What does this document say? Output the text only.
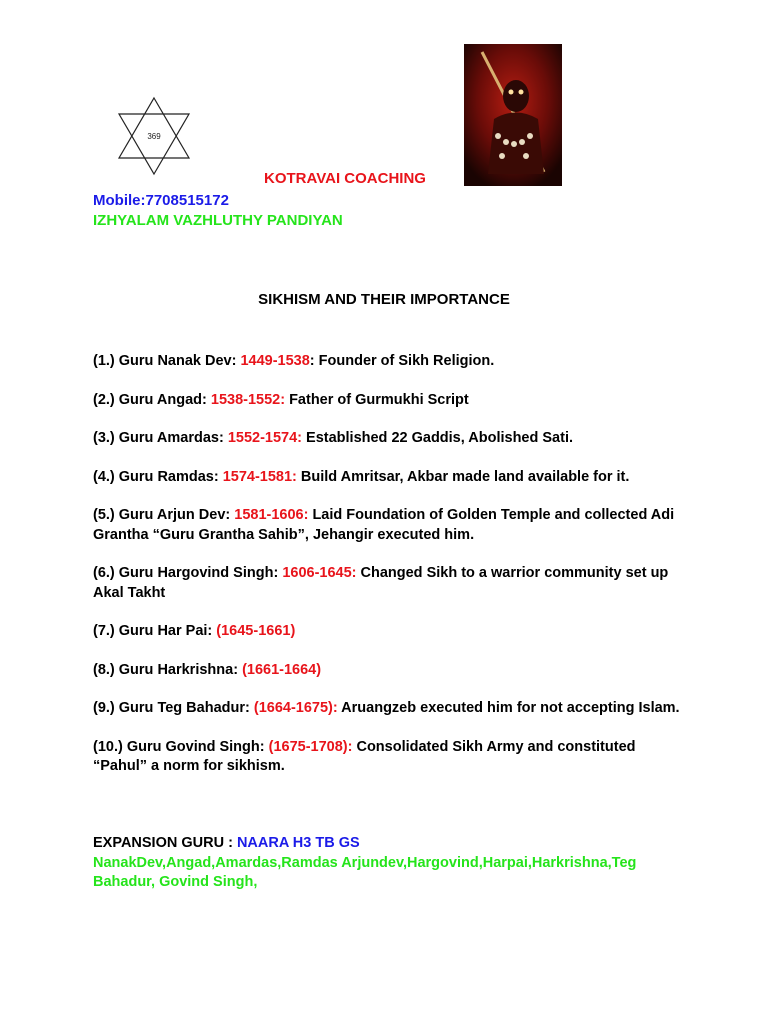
369
KOTRAVAI COACHING
Mobile:7708515172
IZHYALAM VAZHLUTHY PANDIYAN
SIKHISM AND THEIR IMPORTANCE
(1.) Guru Nanak Dev: 1449-1538: Founder of Sikh Religion.
(2.) Guru Angad: 1538-1552: Father of Gurmukhi Script
(3.) Guru Amardas: 1552-1574: Established 22 Gaddis, Abolished Sati.
(4.) Guru Ramdas: 1574-1581: Build Amritsar, Akbar made land available for it.
(5.) Guru Arjun Dev: 1581-1606: Laid Foundation of Golden Temple and collected Adi Grantha “Guru Grantha Sahib”, Jehangir executed him.
(6.) Guru Hargovind Singh: 1606-1645: Changed Sikh to a warrior community set up Akal Takht
(7.) Guru Har Pai: (1645-1661)
(8.) Guru Harkrishna: (1661-1664)
(9.) Guru Teg Bahadur: (1664-1675): Aruangzeb executed him for not accepting Islam.
(10.) Guru Govind Singh: (1675-1708): Consolidated Sikh Army and constituted “Pahul” a norm for sikhism.
EXPANSION GURU : NAARA H3 TB GS
NanakDev,Angad,Amardas,Ramdas Arjundev,Hargovind,Harpai,Harkrishna,Teg Bahadur, Govind Singh,
